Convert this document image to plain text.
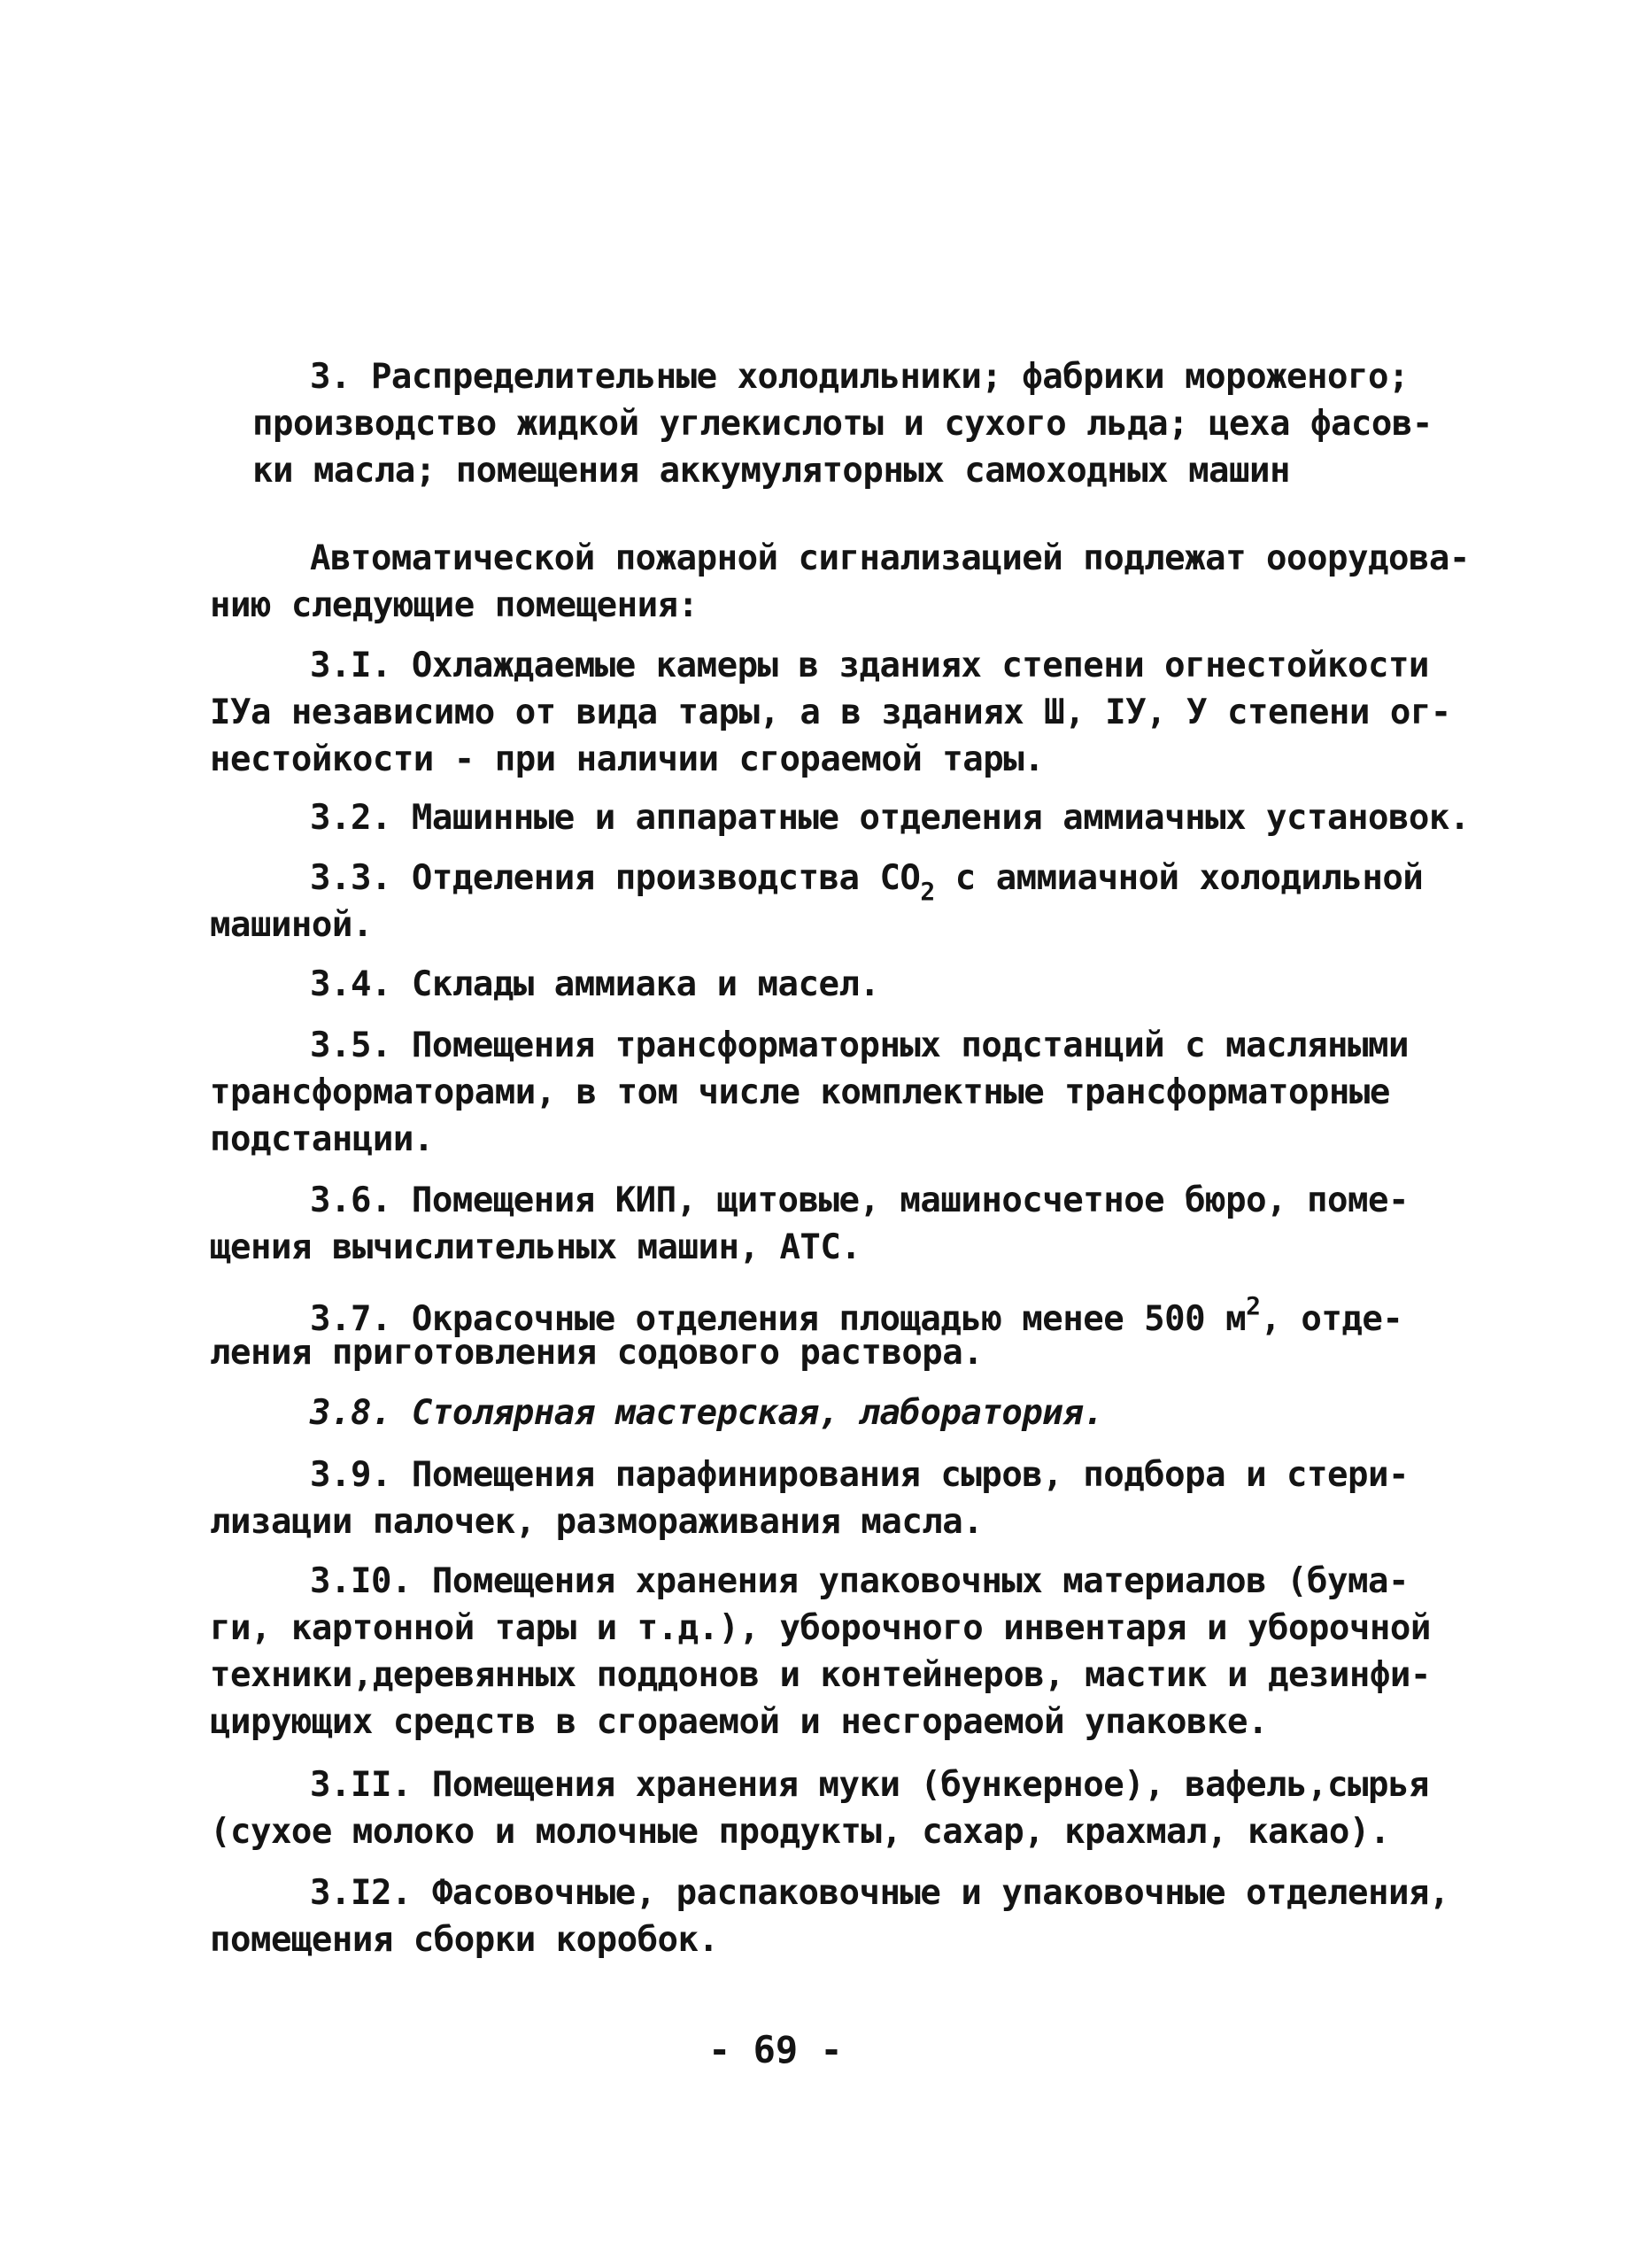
3. Распределительные холодильники; фабрики мороженого;
производство жидкой углекислоты и сухого льда; цеха фасов-
ки масла; помещения аккумуляторных самоходных машин
Автоматической пожарной сигнализацией подлежат ооорудова-
нию следующие помещения:
3.I. Охлаждаемые камеры в зданиях степени огнестойкости
IУа независимо от вида тары, а в зданиях Ш, IУ, У степени ог-
нестойкости - при наличии сгораемой тары.
3.2. Машинные и аппаратные отделения аммиачных установок.
3.3. Отделения производства $CO_2$ с аммиачной холодильной
машиной.
3.4. Склады аммиака и масел.
3.5. Помещения трансформаторных подстанций с масляными
трансформаторами, в том числе комплектные трансформаторные
подстанции.
3.6. Помещения КИП, щитовые, машиносчетное бюро, поме-
щения вычислительных машин, АТС.
3.7. Окрасочные отделения площадью менее 500 $м^2$, отде-
ления приготовления содового раствора.
3.8. Столярная мастерская, лаборатория.
3.9. Помещения парафинирования сыров, подбора и стери-
лизации палочек, размораживания масла.
3.I0. Помещения хранения упаковочных материалов (бума-
ги, картонной тары и т.д.), уборочного инвентаря и уборочной
техники,деревянных поддонов и контейнеров, мастик и дезинфи-
цирующих средств в сгораемой и несгораемой упаковке.
3.II. Помещения хранения муки (бункерное), вафель,сырья
(сухое молоко и молочные продукты, сахар, крахмал, какао).
3.I2. Фасовочные, распаковочные и упаковочные отделения,
помещения сборки коробок.
- 69 -
